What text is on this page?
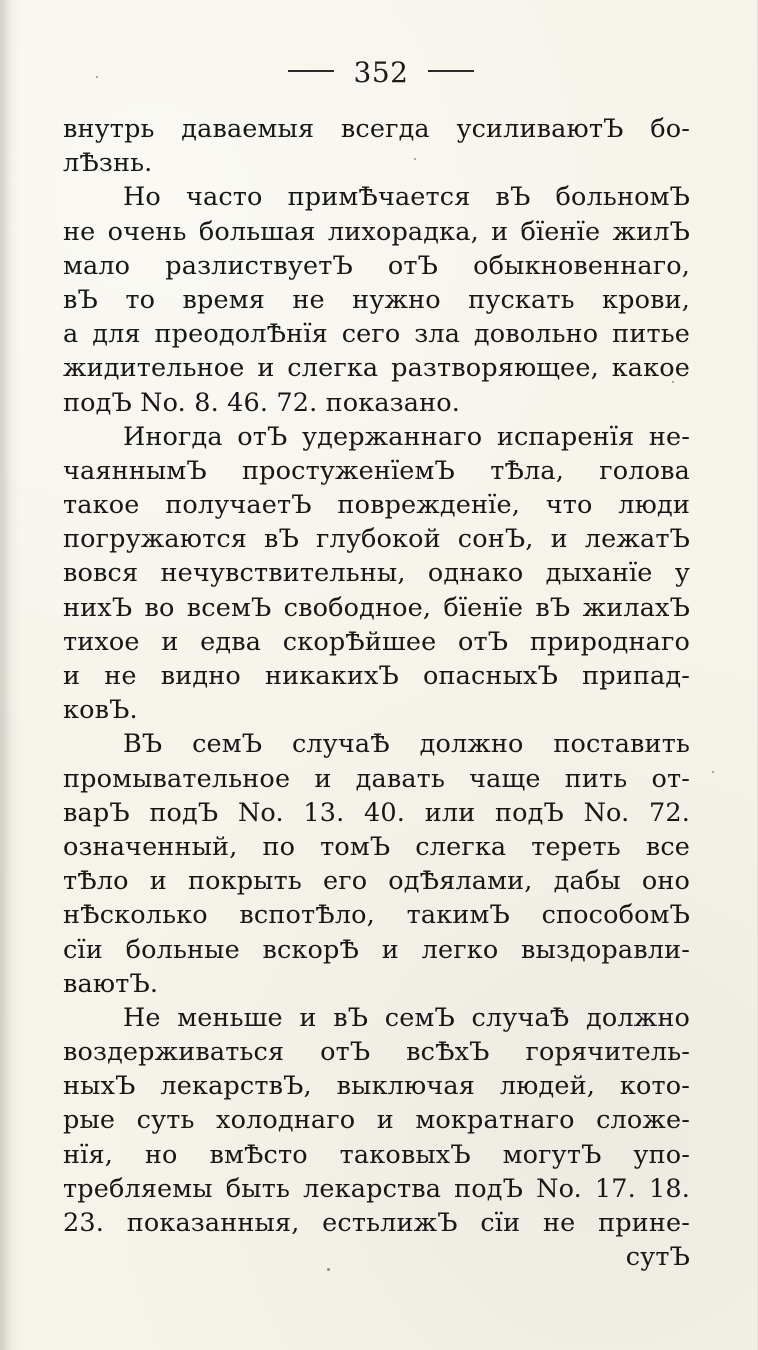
352
внутрь даваемыя всегда усиливаютЪ бо-
лѢзнь.
Но часто примѢчается вЪ больномЪ
не очень большая лихорадка, и бїенїе жилЪ
мало разлиствуетЪ отЪ обыкновеннаго,
вЪ то время не нужно пускать крови,
а для преодолѢнїя сего зла довольно питье
жидительное и слегка разтворяющее, какое
подЪ No. 8. 46. 72. показано.
Иногда отЪ удержаннаго испаренїя не-
чаяннымЪ простуженїемЪ тѢла, голова
такое получаетЪ поврежденїе, что люди
погружаются вЪ глубокой сонЪ, и лежатЪ
вовся нечувствительны, однако дыханїе у
нихЪ во всемЪ свободное, бїенїе вЪ жилахЪ
тихое и едва скорѢйшее отЪ природнаго
и не видно никакихЪ опасныхЪ припад-
ковЪ.
ВЪ семЪ случаѢ должно поставить
промывательное и давать чаще пить от-
варЪ подЪ No. 13. 40. или подЪ No. 72.
означенный, по томЪ слегка тереть все
тѢло и покрыть его одѢялами, дабы оно
нѢсколько вспотѢло, такимЪ способомЪ
сїи больные вскорѢ и легко выздоравли-
ваютЪ.
Не меньше и вЪ семЪ случаѢ должно
воздерживаться отЪ всѢхЪ горячитель-
ныхЪ лекарствЪ, выключая людей, кото-
рые суть холоднаго и мократнаго сложе-
нїя, но вмѢсто таковыхЪ могутЪ упо-
требляемы быть лекарства подЪ No. 17. 18.
23. показанныя, естьлижЪ сїи не прине-
сутЪ
